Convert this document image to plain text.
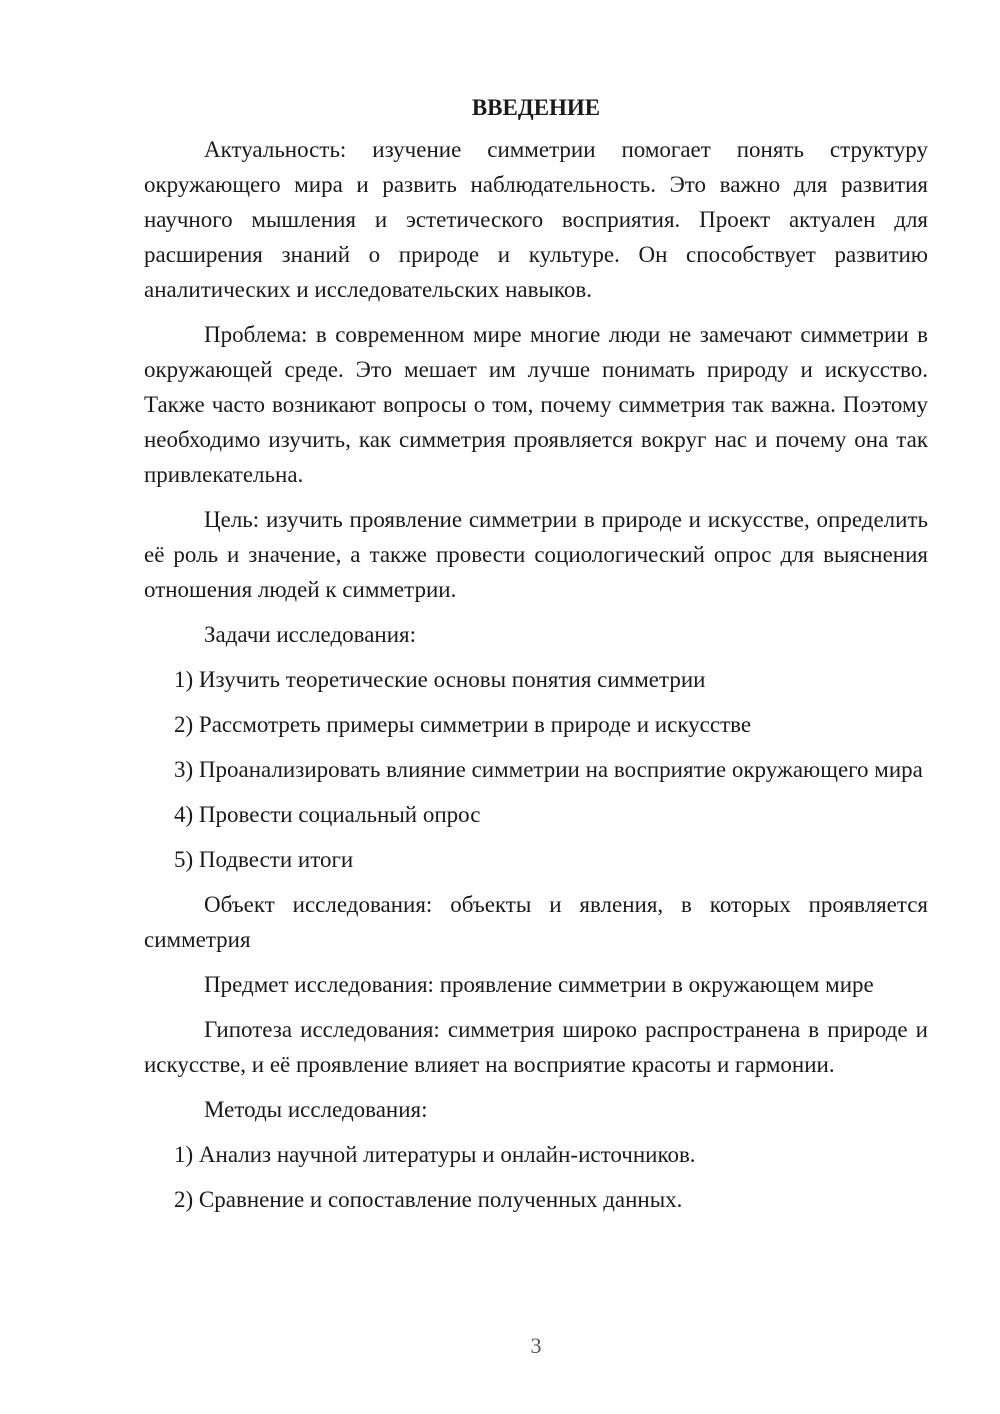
ВВЕДЕНИЕ

Актуальность: изучение симметрии помогает понять структуру окружающего мира и развить наблюдательность. Это важно для развития научного мышления и эстетического восприятия. Проект актуален для расширения знаний о природе и культуре. Он способствует развитию аналитических и исследовательских навыков.

Проблема: в современном мире многие люди не замечают симметрии в окружающей среде. Это мешает им лучше понимать природу и искусство. Также часто возникают вопросы о том, почему симметрия так важна. Поэтому необходимо изучить, как симметрия проявляется вокруг нас и почему она так привлекательна.

Цель: изучить проявление симметрии в природе и искусстве, определить её роль и значение, а также провести социологический опрос для выяснения отношения людей к симметрии.

Задачи исследования:

1) Изучить теоретические основы понятия симметрии

2) Рассмотреть примеры симметрии в природе и искусстве

3) Проанализировать влияние симметрии на восприятие окружающего мира

4) Провести социальный опрос

5) Подвести итоги

Объект исследования: объекты и явления, в которых проявляется симметрия

Предмет исследования: проявление симметрии в окружающем мире

Гипотеза исследования: симметрия широко распространена в природе и искусстве, и её проявление влияет на восприятие красоты и гармонии.

Методы исследования:

1) Анализ научной литературы и онлайн-источников.

2) Сравнение и сопоставление полученных данных.

3
